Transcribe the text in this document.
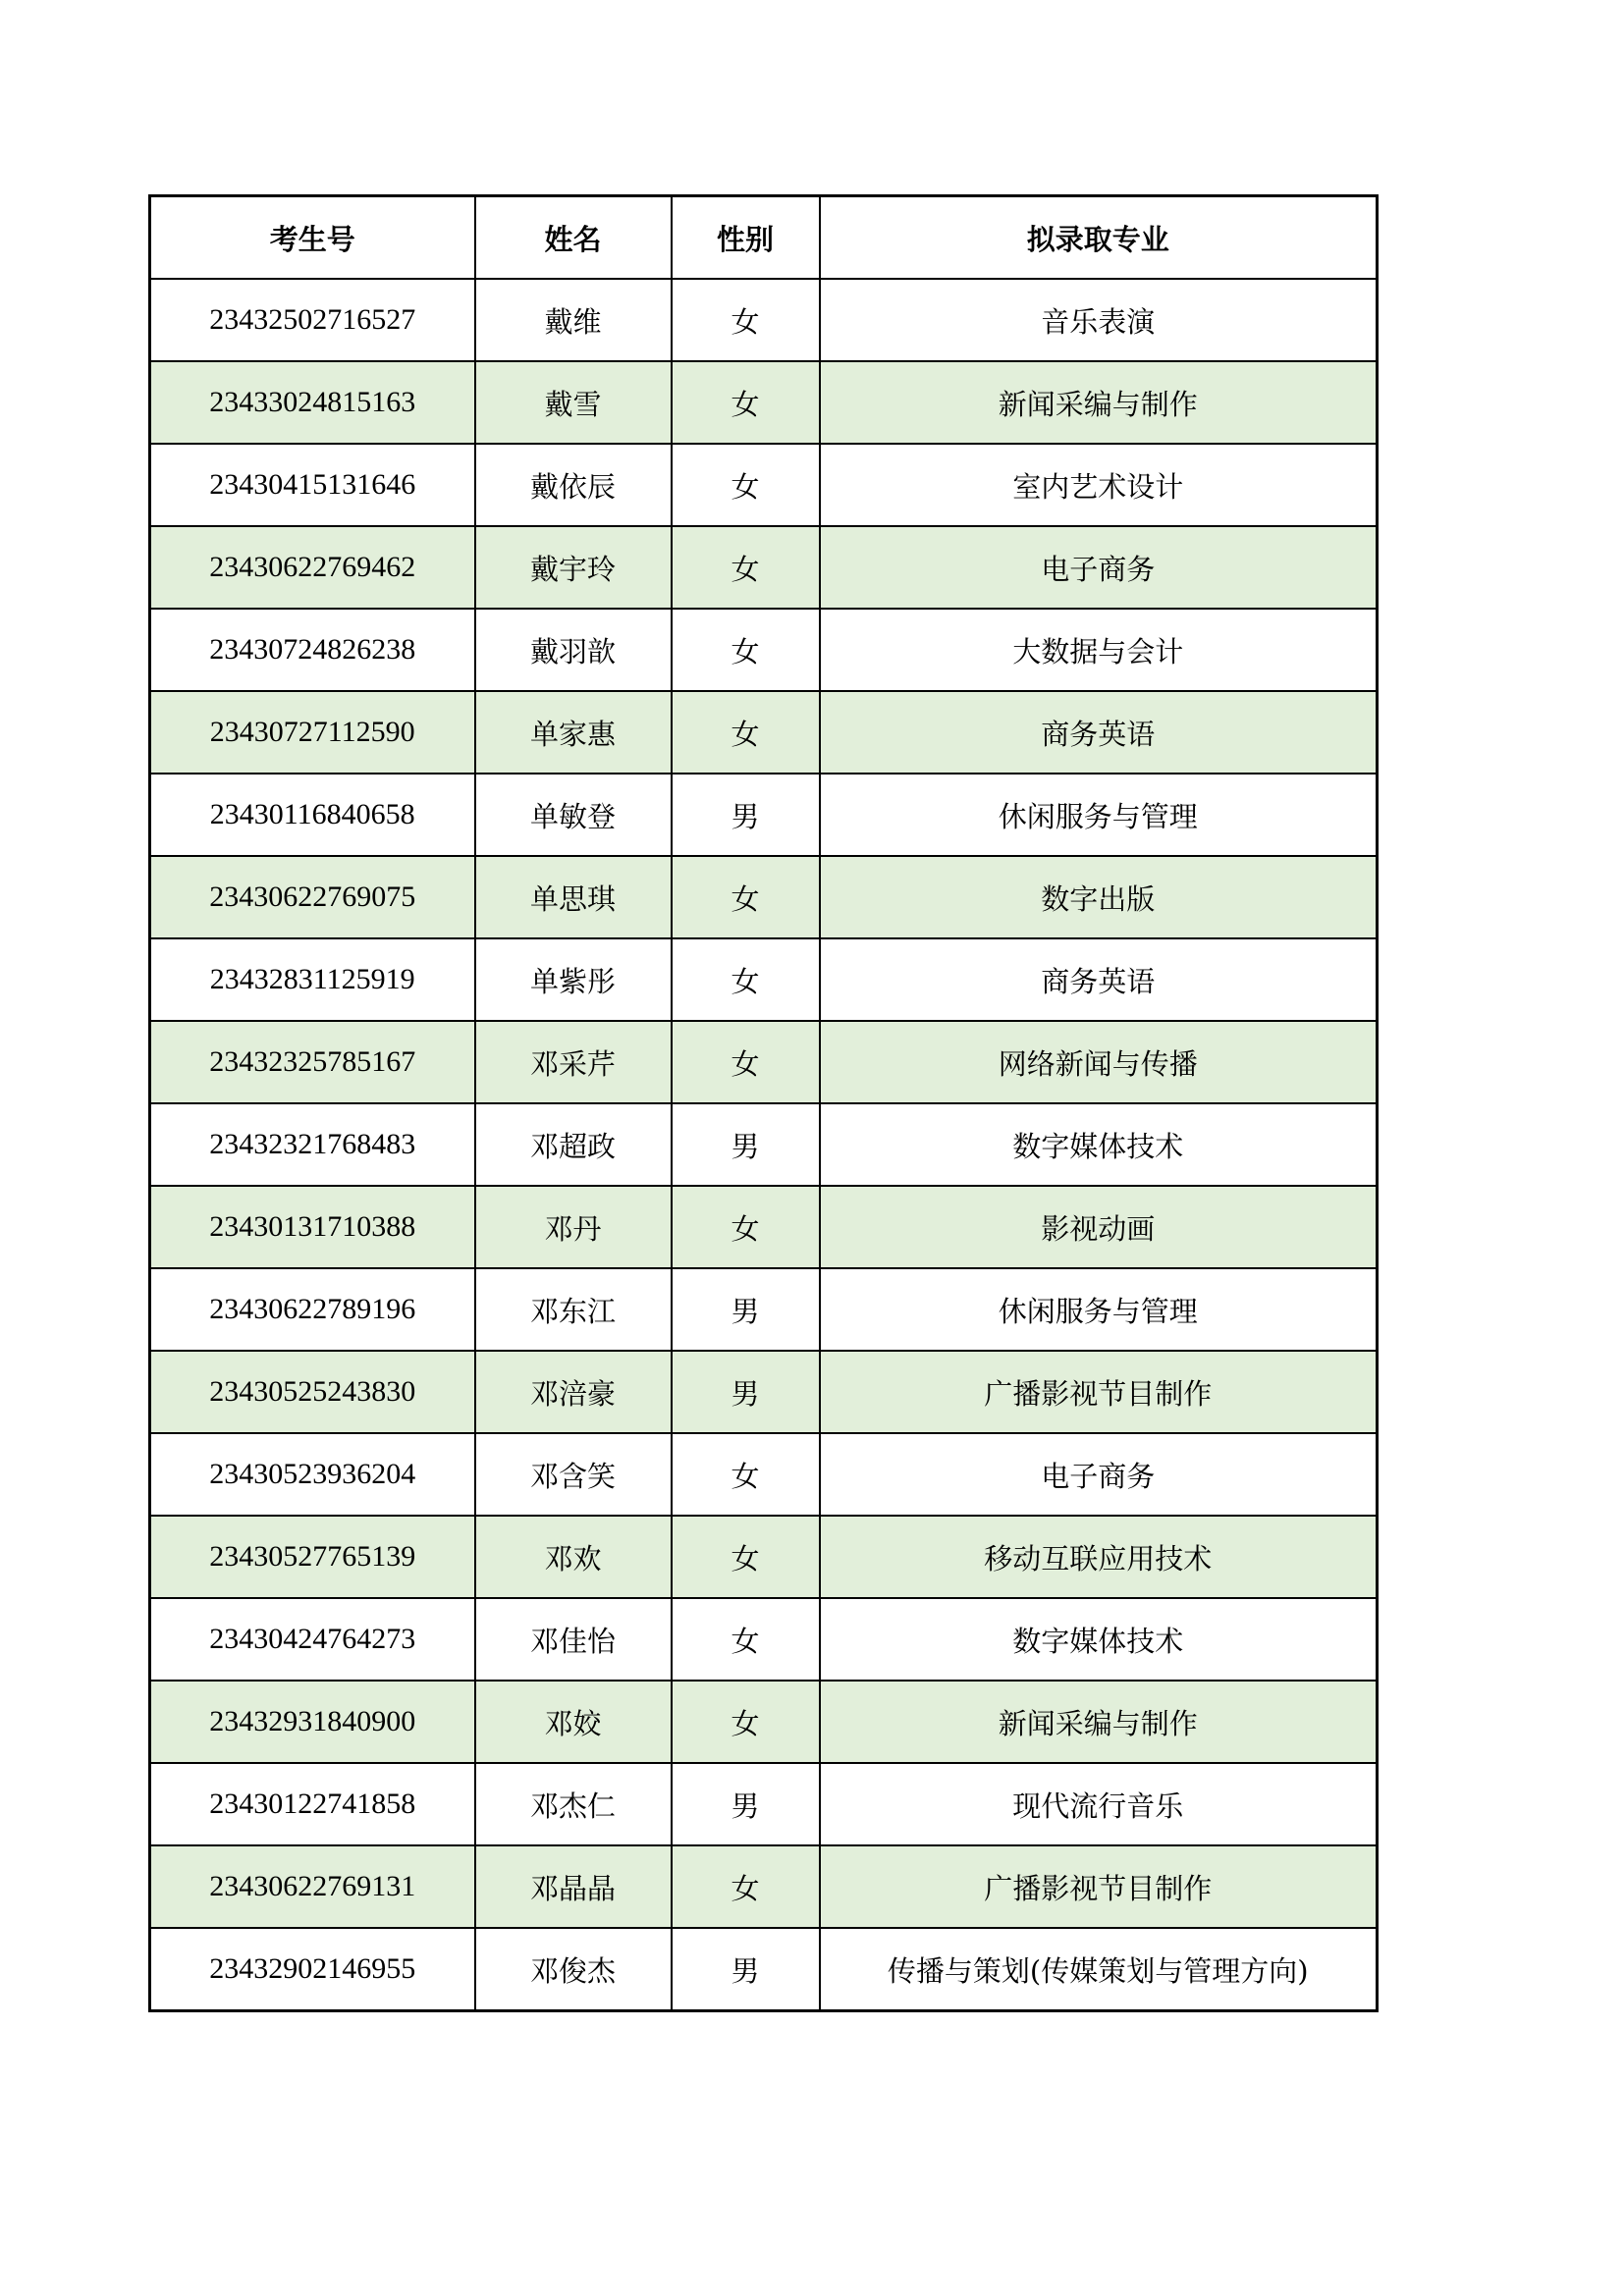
考生号	姓名	性别	拟录取专业
23432502716527	戴维	女	音乐表演
23433024815163	戴雪	女	新闻采编与制作
23430415131646	戴依辰	女	室内艺术设计
23430622769462	戴宇玲	女	电子商务
23430724826238	戴羽歆	女	大数据与会计
23430727112590	单家惠	女	商务英语
23430116840658	单敏登	男	休闲服务与管理
23430622769075	单思琪	女	数字出版
23432831125919	单紫彤	女	商务英语
23432325785167	邓采芹	女	网络新闻与传播
23432321768483	邓超政	男	数字媒体技术
23430131710388	邓丹	女	影视动画
23430622789196	邓东江	男	休闲服务与管理
23430525243830	邓涪豪	男	广播影视节目制作
23430523936204	邓含笑	女	电子商务
23430527765139	邓欢	女	移动互联应用技术
23430424764273	邓佳怡	女	数字媒体技术
23432931840900	邓姣	女	新闻采编与制作
23430122741858	邓杰仁	男	现代流行音乐
23430622769131	邓晶晶	女	广播影视节目制作
23432902146955	邓俊杰	男	传播与策划(传媒策划与管理方向)
